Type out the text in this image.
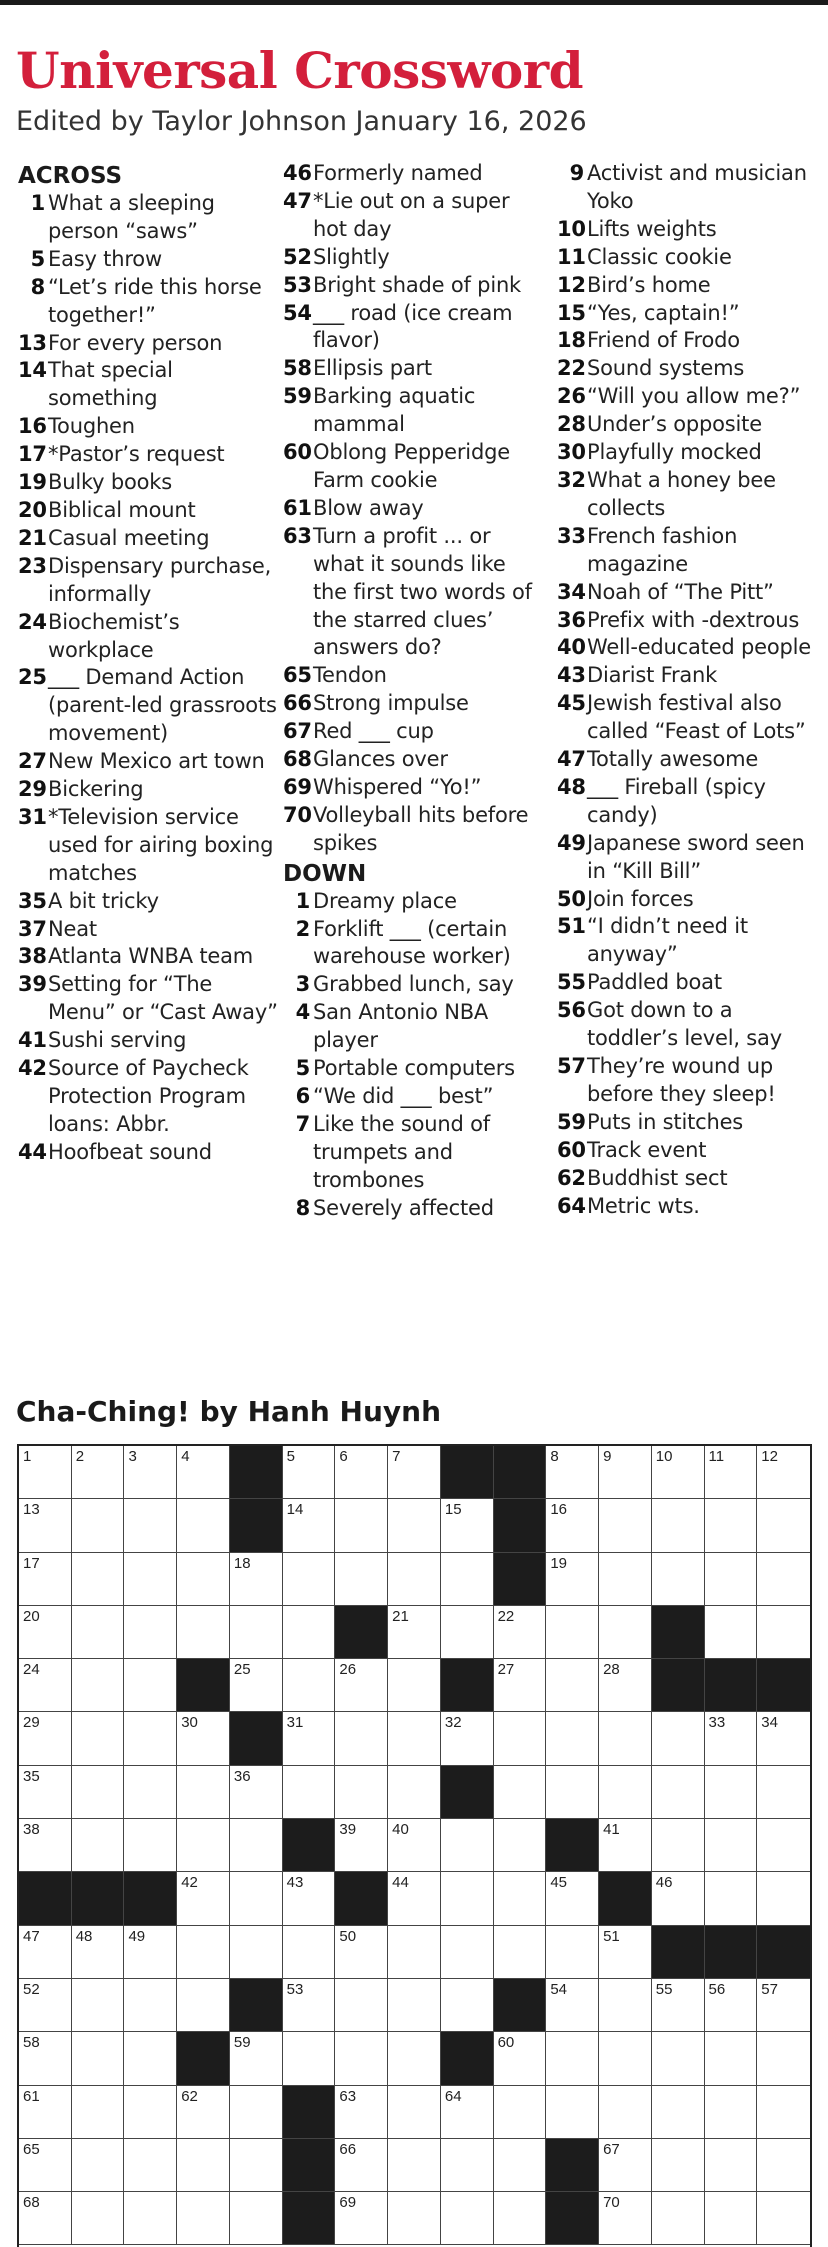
Universal Crossword
Edited by Taylor Johnson January 16, 2026
ACROSS
1 What a sleeping person “saws”
5 Easy throw
8 “Let’s ride this horse together!”
13 For every person
14 That special something
16 Toughen
17 *Pastor’s request
19 Bulky books
20 Biblical mount
21 Casual meeting
23 Dispensary purchase, informally
24 Biochemist’s workplace
25 ___ Demand Action (parent-led grassroots movement)
27 New Mexico art town
29 Bickering
31 *Television service used for airing boxing matches
35 A bit tricky
37 Neat
38 Atlanta WNBA team
39 Setting for “The Menu” or “Cast Away”
41 Sushi serving
42 Source of Paycheck Protection Program loans: Abbr.
44 Hoofbeat sound
46 Formerly named
47 *Lie out on a super hot day
52 Slightly
53 Bright shade of pink
54 ___ road (ice cream flavor)
58 Ellipsis part
59 Barking aquatic mammal
60 Oblong Pepperidge Farm cookie
61 Blow away
63 Turn a profit ... or what it sounds like the first two words of the starred clues’ answers do?
65 Tendon
66 Strong impulse
67 Red ___ cup
68 Glances over
69 Whispered “Yo!”
70 Volleyball hits before spikes
DOWN
1 Dreamy place
2 Forklift ___ (certain warehouse worker)
3 Grabbed lunch, say
4 San Antonio NBA player
5 Portable computers
6 “We did ___ best”
7 Like the sound of trumpets and trombones
8 Severely affected
9 Activist and musician Yoko
10 Lifts weights
11 Classic cookie
12 Bird’s home
15 “Yes, captain!”
18 Friend of Frodo
22 Sound systems
26 “Will you allow me?”
28 Under’s opposite
30 Playfully mocked
32 What a honey bee collects
33 French fashion magazine
34 Noah of “The Pitt”
36 Prefix with -dextrous
40 Well-educated people
43 Diarist Frank
45 Jewish festival also called “Feast of Lots”
47 Totally awesome
48 ___ Fireball (spicy candy)
49 Japanese sword seen in “Kill Bill”
50 Join forces
51 “I didn’t need it anyway”
55 Paddled boat
56 Got down to a toddler’s level, say
57 They’re wound up before they sleep!
59 Puts in stitches
60 Track event
62 Buddhist sect
64 Metric wts.
Cha-Ching! by Hanh Huynh
1	2	3	4	5	6	7	8	9	10 11 12
13	14	15	16
17	18	19
20	21	22
24	25	26	27	28
29	30	31	32	33 34
35	36
38	39 40	41
42	43	44	45	46
47 48 49	50	51
52	53	54	55 56 57
58	59	60
61	62	63	64
65	66	67
68	69	70
